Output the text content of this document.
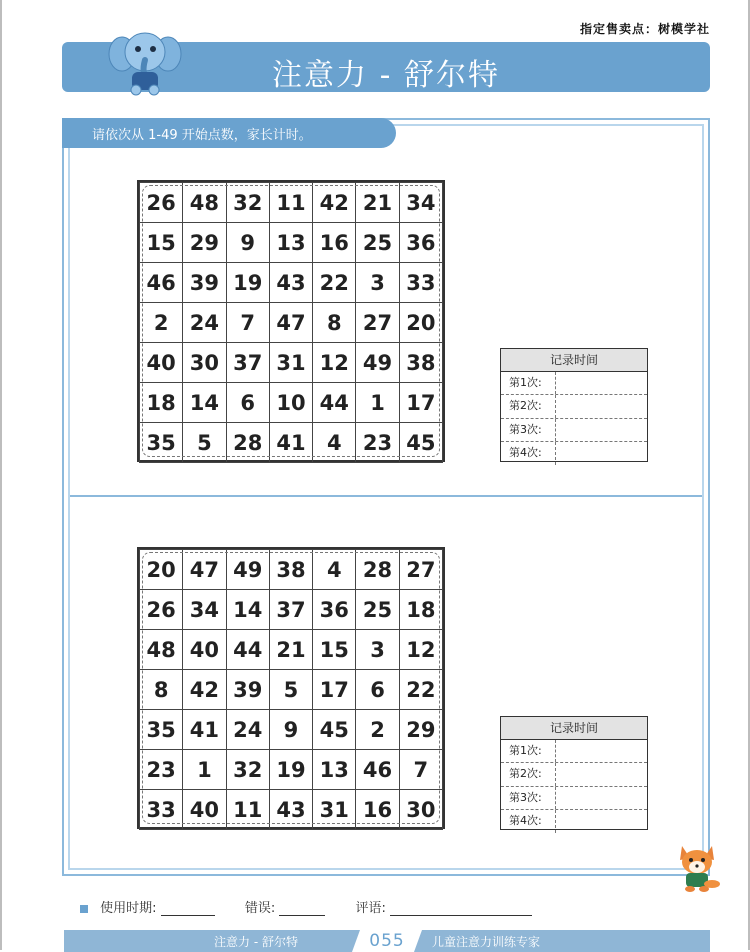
指定售卖点：树模学社
注意力 - 舒尔特
请依次从 1-49 开始点数，家长计时。
26	48	32	11	42	21	34
15	29	9	13	16	25	36
46	39	19	43	22	3	33
2	24	7	47	8	27	20
40	30	37	31	12	49	38
18	14	6	10	44	1	17
35	5	28	41	4	23	45
记录时间
第1次:
第2次:
第3次:
第4次:
20	47	49	38	4	28	27
26	34	14	37	36	25	18
48	40	44	21	15	3	12
8	42	39	5	17	6	22
35	41	24	9	45	2	29
23	1	32	19	13	46	7
33	40	11	43	31	16	30
记录时间
第1次:
第2次:
第3次:
第4次:
使用时期:	错误:	评语:
注意力 - 舒尔特	055	儿童注意力训练专家
